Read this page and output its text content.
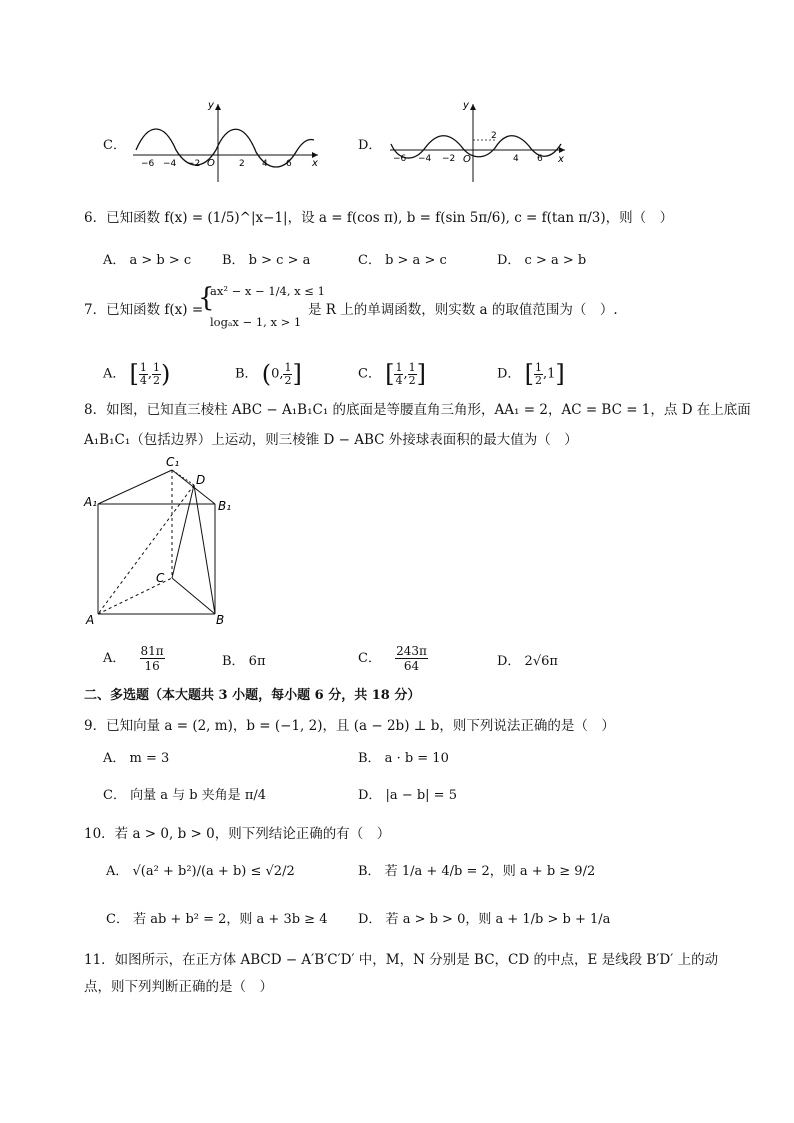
C．
y
x
−6 −4 −2 O	2 4 6
D．
y
x
2
−6 −4 −2 O	4 6
6．已知函数 f(x) = (1/5)^|x−1|，设 a = f(cos π), b = f(sin 5π/6), c = f(tan π/3)，则（　）
A． a > b > c B． b > c > a	C． b > a > c	D． c > a > b
7．已知函数 f(x) =
{
ax² − x − 1/4, x ≤ 1
logₐx − 1, x > 1
是 R 上的单调函数，则实数 a 的取值范围为（　）.
A． [ $\frac{1}{4}$ , $\frac{1}{2}$ )	B． (0, $\frac{1}{2}$ ]	C． [ $\frac{1}{4}$ , $\frac{1}{2}$ ]	D． [ $\frac{1}{2} ,1$]
8．如图，已知直三棱柱 ABC − A₁B₁C₁ 的底面是等腰直角三角形，AA₁ = 2，AC = BC = 1，点 D 在上底面
A₁B₁C₁（包括边界）上运动，则三棱锥 D − ABC 外接球表面积的最大值为（　）
C₁
D
A₁	B₁
C
A	B
A． $\frac{81\pi}{16}$	B． 6π	C． $\frac{243\pi}{64}$	D． 2√6π
二、多选题（本大题共 3 小题，每小题 6 分，共 18 分）
9．已知向量 a = (2, m)，b = (−1, 2)，且 (a − 2b) ⊥ b，则下列说法正确的是（　）
A． m = 3	B． a · b = 10
C． 向量 a 与 b 夹角是 π/4	D． |a − b| = 5
10．若 a > 0, b > 0，则下列结论正确的有（　）
A． √(a² + b²)/(a + b) ≤ √2/2	B． 若 1/a + 4/b = 2，则 a + b ≥ 9/2
C． 若 ab + b² = 2，则 a + 3b ≥ 4 D． 若 a > b > 0，则 a + 1/b > b + 1/a
11．如图所示，在正方体 ABCD − A′B′C′D′ 中，M，N 分别是 BC，CD 的中点，E 是线段 B′D′ 上的动
点，则下列判断正确的是（　）
